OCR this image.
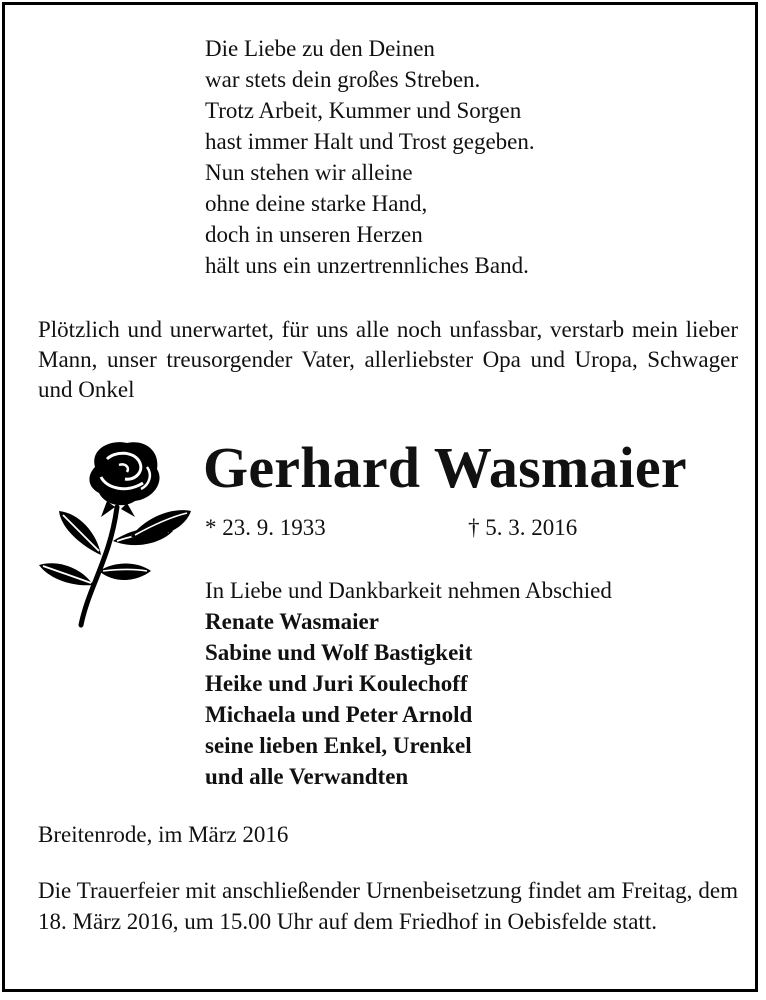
Die Liebe zu den Deinen
war stets dein großes Streben.
Trotz Arbeit, Kummer und Sorgen
hast immer Halt und Trost gegeben.
Nun stehen wir alleine
ohne deine starke Hand,
doch in unseren Herzen
hält uns ein unzertrennliches Band.
Plötzlich und unerwartet, für uns alle noch unfassbar, verstarb mein lieber Mann, unser treusorgender Vater, allerliebster Opa und Uropa, Schwager und Onkel
Gerhard Wasmaier
* 23. 9. 1933	† 5. 3. 2016
In Liebe und Dankbarkeit nehmen Abschied
Renate Wasmaier
Sabine und Wolf Bastigkeit
Heike und Juri Koulechoff
Michaela und Peter Arnold
seine lieben Enkel, Urenkel
und alle Verwandten
Breitenrode, im März 2016
Die Trauerfeier mit anschließender Urnenbeisetzung findet am Freitag, dem 18. März 2016, um 15.00 Uhr auf dem Friedhof in Oebisfelde statt.
